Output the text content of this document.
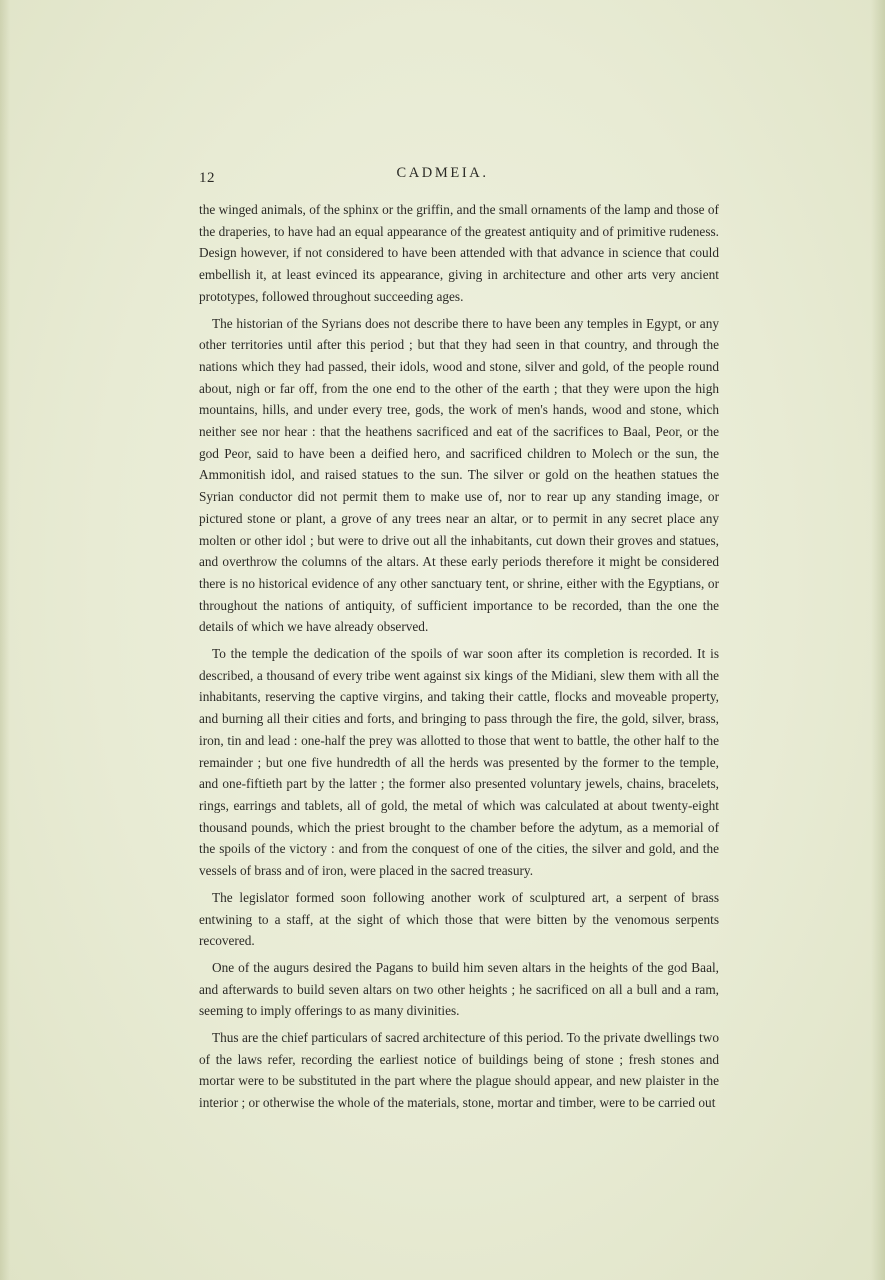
12	CADMEIA.

the winged animals, of the sphinx or the griffin, and the small ornaments of the lamp and those of the draperies, to have had an equal appearance of the greatest antiquity and of primitive rudeness. Design however, if not considered to have been attended with that advance in science that could embellish it, at least evinced its appearance, giving in architecture and other arts very ancient prototypes, followed throughout succeeding ages.

The historian of the Syrians does not describe there to have been any temples in Egypt, or any other territories until after this period ; but that they had seen in that country, and through the nations which they had passed, their idols, wood and stone, silver and gold, of the people round about, nigh or far off, from the one end to the other of the earth ; that they were upon the high mountains, hills, and under every tree, gods, the work of men's hands, wood and stone, which neither see nor hear : that the heathens sacrificed and eat of the sacrifices to Baal, Peor, or the god Peor, said to have been a deified hero, and sacrificed children to Molech or the sun, the Ammonitish idol, and raised statues to the sun. The silver or gold on the heathen statues the Syrian conductor did not permit them to make use of, nor to rear up any standing image, or pictured stone or plant, a grove of any trees near an altar, or to permit in any secret place any molten or other idol ; but were to drive out all the inhabitants, cut down their groves and statues, and overthrow the columns of the altars. At these early periods therefore it might be considered there is no historical evidence of any other sanctuary tent, or shrine, either with the Egyptians, or throughout the nations of antiquity, of sufficient importance to be recorded, than the one the details of which we have already observed.

To the temple the dedication of the spoils of war soon after its completion is recorded. It is described, a thousand of every tribe went against six kings of the Midiani, slew them with all the inhabitants, reserving the captive virgins, and taking their cattle, flocks and moveable property, and burning all their cities and forts, and bringing to pass through the fire, the gold, silver, brass, iron, tin and lead : one-half the prey was allotted to those that went to battle, the other half to the remainder ; but one five hundredth of all the herds was presented by the former to the temple, and one-fiftieth part by the latter ; the former also presented voluntary jewels, chains, bracelets, rings, earrings and tablets, all of gold, the metal of which was calculated at about twenty-eight thousand pounds, which the priest brought to the chamber before the adytum, as a memorial of the spoils of the victory : and from the conquest of one of the cities, the silver and gold, and the vessels of brass and of iron, were placed in the sacred treasury.

The legislator formed soon following another work of sculptured art, a serpent of brass entwining to a staff, at the sight of which those that were bitten by the venomous serpents recovered.

One of the augurs desired the Pagans to build him seven altars in the heights of the god Baal, and afterwards to build seven altars on two other heights ; he sacrificed on all a bull and a ram, seeming to imply offerings to as many divinities.

Thus are the chief particulars of sacred architecture of this period. To the private dwellings two of the laws refer, recording the earliest notice of buildings being of stone ; fresh stones and mortar were to be substituted in the part where the plague should appear, and new plaister in the interior ; or otherwise the whole of the materials, stone, mortar and timber, were to be carried out
